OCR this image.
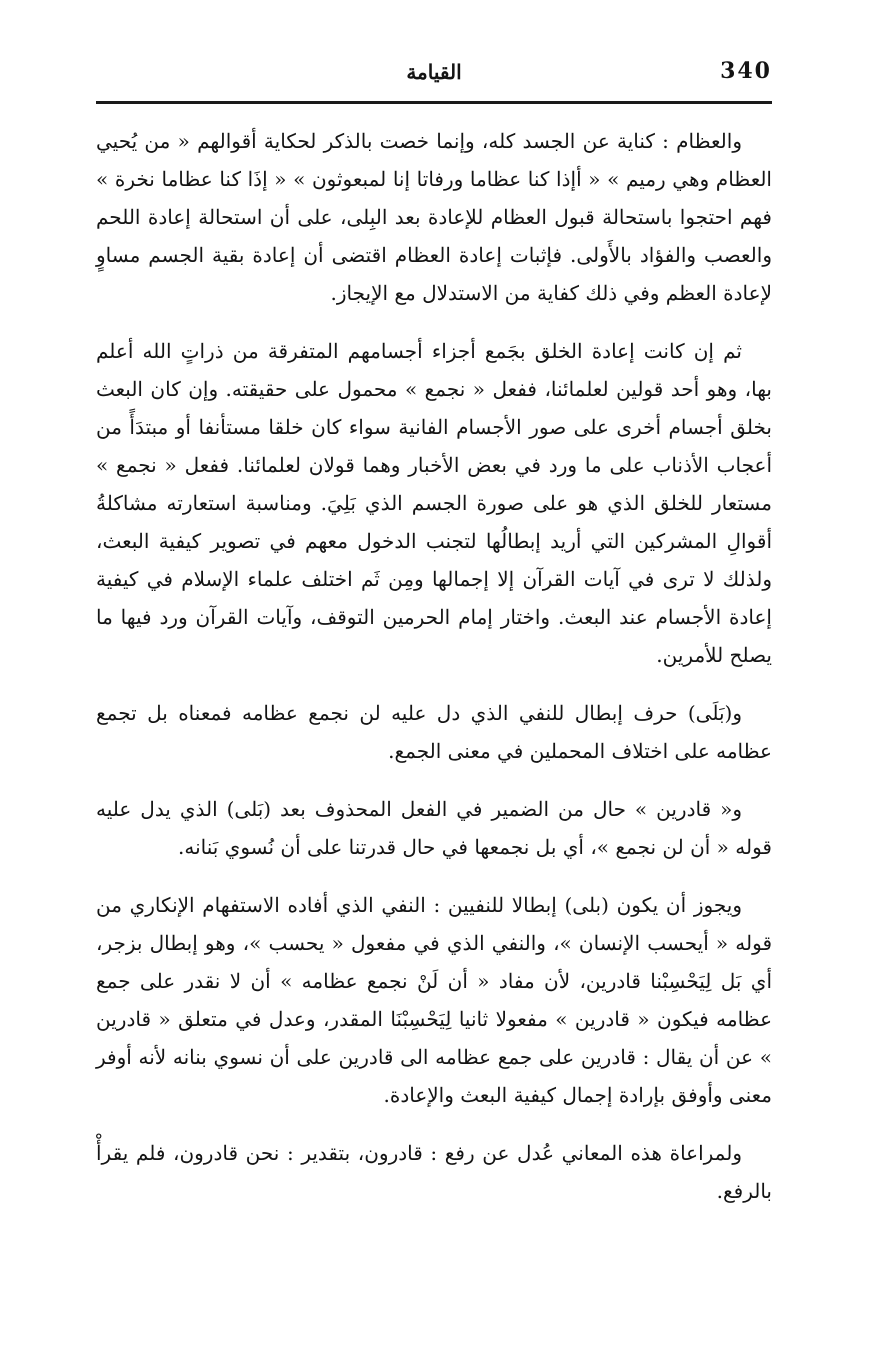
340
القيامة

والعظام : كناية عن الجسد كله، وإنما خصت بالذكر لحكاية أقوالهم « من يُحيي العظام وهي رميم » « أإذا كنا عظاما ورفاتا إنا لمبعوثون » « إذَا كنا عظاما نخرة » فهم احتجوا باستحالة قبول العظام للإعادة بعد البِلى، على أن استحالة إعادة اللحم والعصب والفؤاد بالأَولى. فإثبات إعادة العظام اقتضى أن إعادة بقية الجسم مساوٍ لإعادة العظم وفي ذلك كفاية من الاستدلال مع الإيجاز.

ثم إن كانت إعادة الخلق بجَمع أجزاء أجسامهم المتفرقة من ذراتٍ الله أعلم بها، وهو أحد قولين لعلمائنا، ففعل « نجمع » محمول على حقيقته. وإن كان البعث بخلق أجسام أخرى على صور الأجسام الفانية سواء كان خلقا مستأنفا أو مبتدَأً من أعجاب الأذناب على ما ورد في بعض الأخبار وهما قولان لعلمائنا. ففعل « نجمع » مستعار للخلق الذي هو على صورة الجسم الذي بَلِيَ. ومناسبة استعارته مشاكلةُ أقوالِ المشركين التي أريد إبطالُها لتجنب الدخول معهم في تصوير كيفية البعث، ولذلك لا ترى في آيات القرآن إلا إجمالها ومِن ثَم اختلف علماء الإسلام في كيفية إعادة الأجسام عند البعث. واختار إمام الحرمين التوقف، وآيات القرآن ورد فيها ما يصلح للأمرين.

و(بَلَى) حرف إبطال للنفي الذي دل عليه لن نجمع عظامه فمعناه بل تجمع عظامه على اختلاف المحملين في معنى الجمع.

و« قادرين » حال من الضمير في الفعل المحذوف بعد (بَلى) الذي يدل عليه قوله « أن لن نجمع »، أي بل نجمعها في حال قدرتنا على أن نُسوي بَنانه.

ويجوز أن يكون (بلى) إبطالا للنفيين : النفي الذي أفاده الاستفهام الإنكاري من قوله « أيحسب الإنسان »، والنفي الذي في مفعول « يحسب »، وهو إبطال بزجر، أي بَل لِيَحْسِبْنا قادرين، لأن مفاد « أن لَنْ نجمع عظامه » أن لا نقدر على جمع عظامه فيكون « قادرين » مفعولا ثانيا لِيَحْسِبْنَا المقدر، وعدل في متعلق « قادرين » عن أن يقال : قادرين على جمع عظامه الى قادرين على أن نسوي بنانه لأنه أوفر معنى وأوفق بإرادة إجمال كيفية البعث والإعادة.

ولمراعاة هذه المعاني عُدل عن رفع : قادرون، بتقدير : نحن قادرون، فلم يقرأْ بالرفع.
